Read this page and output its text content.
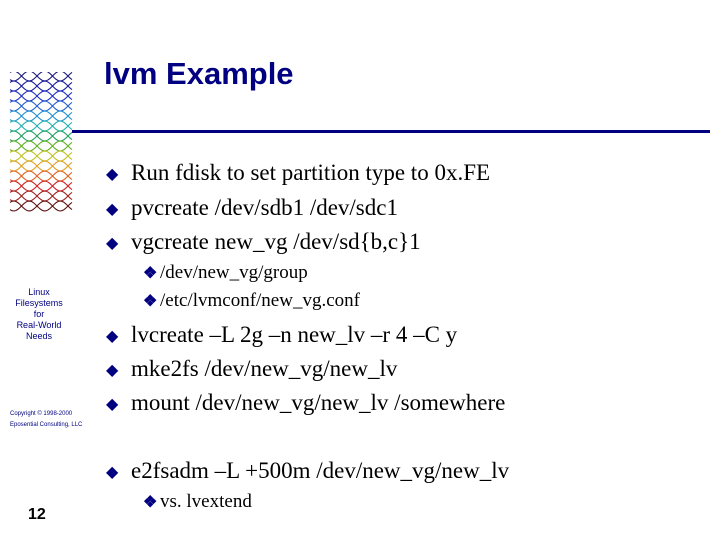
lvm Example
Linux
Filesystems
for
Real-World
Needs
Copyright © 1998-2000
Eposential Consulting, LLC
12
◆ Run fdisk to set partition type to 0x.FE
◆ pvcreate /dev/sdb1 /dev/sdc1
◆ vgcreate new_vg /dev/sd{b,c}1
❖ /dev/new_vg/group
❖ /etc/lvmconf/new_vg.conf
◆ lvcreate –L 2g –n new_lv –r 4 –C y
◆ mke2fs /dev/new_vg/new_lv
◆ mount /dev/new_vg/new_lv /somewhere
◆ e2fsadm –L +500m /dev/new_vg/new_lv
❖ vs. lvextend
